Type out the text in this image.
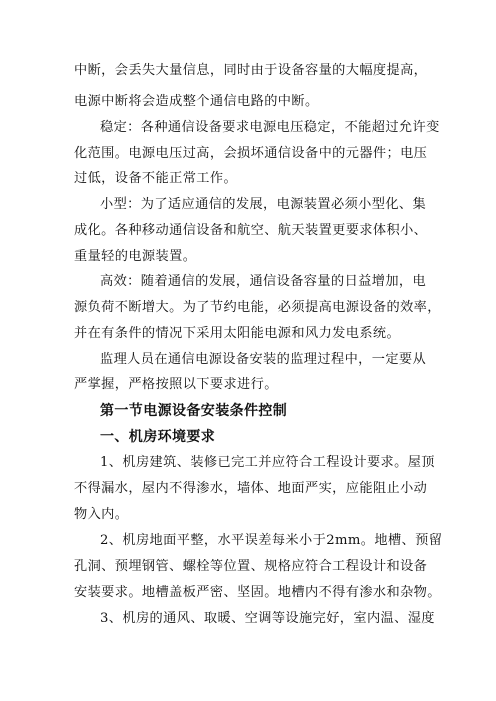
中断，会丢失大量信息，同时由于设备容量的大幅度提高，
电源中断将会造成整个通信电路的中断。
稳定：各种通信设备要求电源电压稳定，不能超过允许变
化范围。电源电压过高，会损坏通信设备中的元器件；电压
过低，设备不能正常工作。
小型：为了适应通信的发展，电源装置必须小型化、集
成化。各种移动通信设备和航空、航天装置更要求体积小、
重量轻的电源装置。
高效：随着通信的发展，通信设备容量的日益增加，电
源负荷不断增大。为了节约电能，必须提高电源设备的效率，
并在有条件的情况下采用太阳能电源和风力发电系统。
监理人员在通信电源设备安装的监理过程中，一定要从
严掌握，严格按照以下要求进行。
第一节电源设备安装条件控制
一、机房环境要求
1、机房建筑、装修已完工并应符合工程设计要求。屋顶
不得漏水，屋内不得渗水，墙体、地面严实，应能阻止小动
物入内。
2、机房地面平整，水平误差每米小于2mm。地槽、预留
孔洞、预埋钢管、螺栓等位置、规格应符合工程设计和设备
安装要求。地槽盖板严密、坚固。地槽内不得有渗水和杂物。
3、机房的通风、取暖、空调等设施完好，室内温、湿度
